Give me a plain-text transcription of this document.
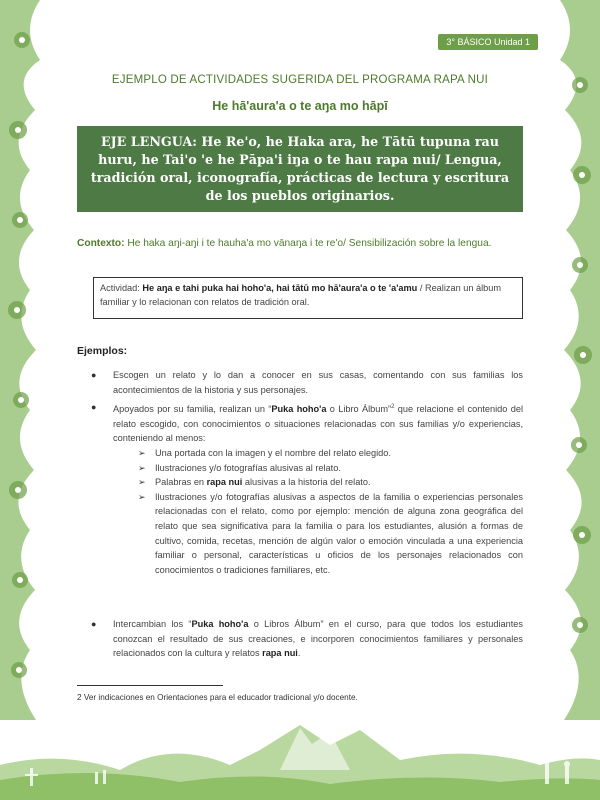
3° BÁSICO Unidad 1
EJEMPLO DE ACTIVIDADES SUGERIDA DEL PROGRAMA RAPA NUI
He hā'aura'a o te aŋa mo hāpī
EJE LENGUA: He Re'o, he Haka ara, he Tātū tupuna rau huru, he Tai'o 'e he Pāpa'i iŋa o te hau rapa nui/ Lengua, tradición oral, iconografía, prácticas de lectura y escritura de los pueblos originarios.
Contexto: He haka aŋi-aŋi i te hauha'a mo vānaŋa i te re'o/ Sensibilización sobre la lengua.
Actividad: He aŋa e tahi puka hai hoho'a, hai tātū mo hā'aura'a o te 'a'amu / Realizan un álbum familiar y lo relacionan con relatos de tradición oral.
Ejemplos:
● Escogen un relato y lo dan a conocer en sus casas, comentando con sus familias los acontecimientos de la historia y sus personajes.
● Apoyados por su familia, realizan un “Puka hoho'a o Libro Álbum”$^2$ que relacione el contenido del relato escogido, con conocimientos o situaciones relacionadas con sus familias y/o experiencias, conteniendo al menos:
➢ Una portada con la imagen y el nombre del relato elegido.
➢ Ilustraciones y/o fotografías alusivas al relato.
➢ Palabras en rapa nui alusivas a la historia del relato.
➢ Ilustraciones y/o fotografías alusivas a aspectos de la familia o experiencias personales relacionadas con el relato, como por ejemplo: mención de alguna zona geográfica del relato que sea significativa para la familia o para los estudiantes, alusión a formas de cultivo, comida, recetas, mención de algún valor o emoción vinculada a una experiencia familiar o personal, características u oficios de los personajes relacionados con conocimientos o tradiciones familiares, etc.
● Intercambian los “Puka hoho'a o Libros Álbum” en el curso, para que todos los estudiantes conozcan el resultado de sus creaciones, e incorporen conocimientos familiares y personales relacionados con la cultura y relatos rapa nui.
2 Ver indicaciones en Orientaciones para el educador tradicional y/o docente.
